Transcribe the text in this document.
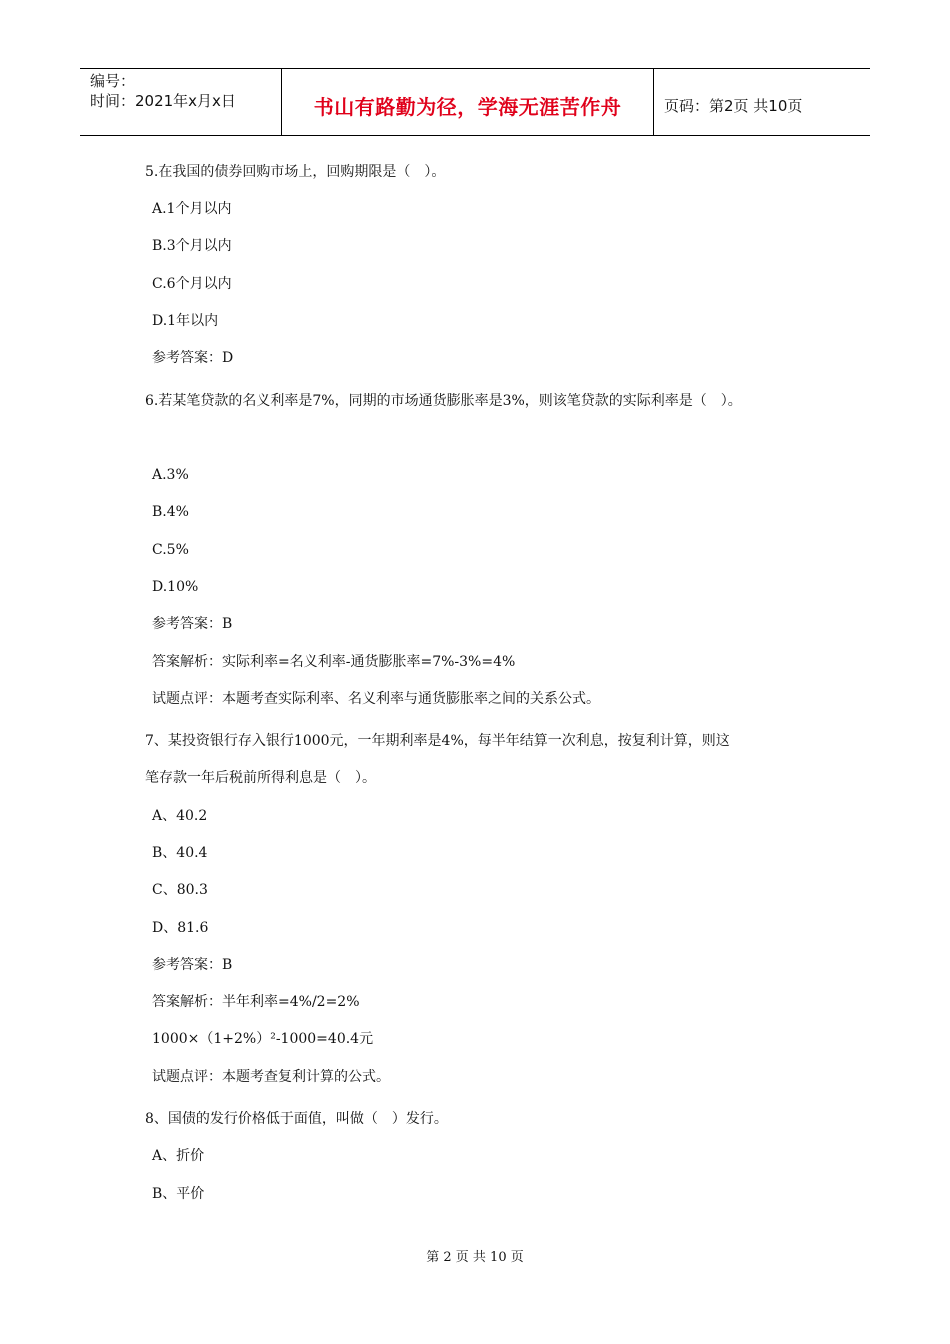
编号：
时间：2021年x月x日	书山有路勤为径，学海无涯苦作舟	页码：第2页 共10页
5.在我国的债券回购市场上，回购期限是（　）。
A.1个月以内
B.3个月以内
C.6个月以内
D.1年以内
参考答案：D
6.若某笔贷款的名义利率是7%，同期的市场通货膨胀率是3%，则该笔贷款的实际利率是（　）。
A.3%
B.4%
C.5%
D.10%
参考答案：B
答案解析：实际利率=名义利率-通货膨胀率=7%-3%=4%
试题点评：本题考查实际利率、名义利率与通货膨胀率之间的关系公式。
7、某投资银行存入银行1000元，一年期利率是4%，每半年结算一次利息，按复利计算，则这
笔存款一年后税前所得利息是（　）。
A、40.2
B、40.4
C、80.3
D、81.6
参考答案：B
答案解析：半年利率=4%/2=2%
1000×（1+2%）²-1000=40.4元
试题点评：本题考查复利计算的公式。
8、国债的发行价格低于面值，叫做（　）发行。
A、折价
B、平价
第 2 页 共 10 页
